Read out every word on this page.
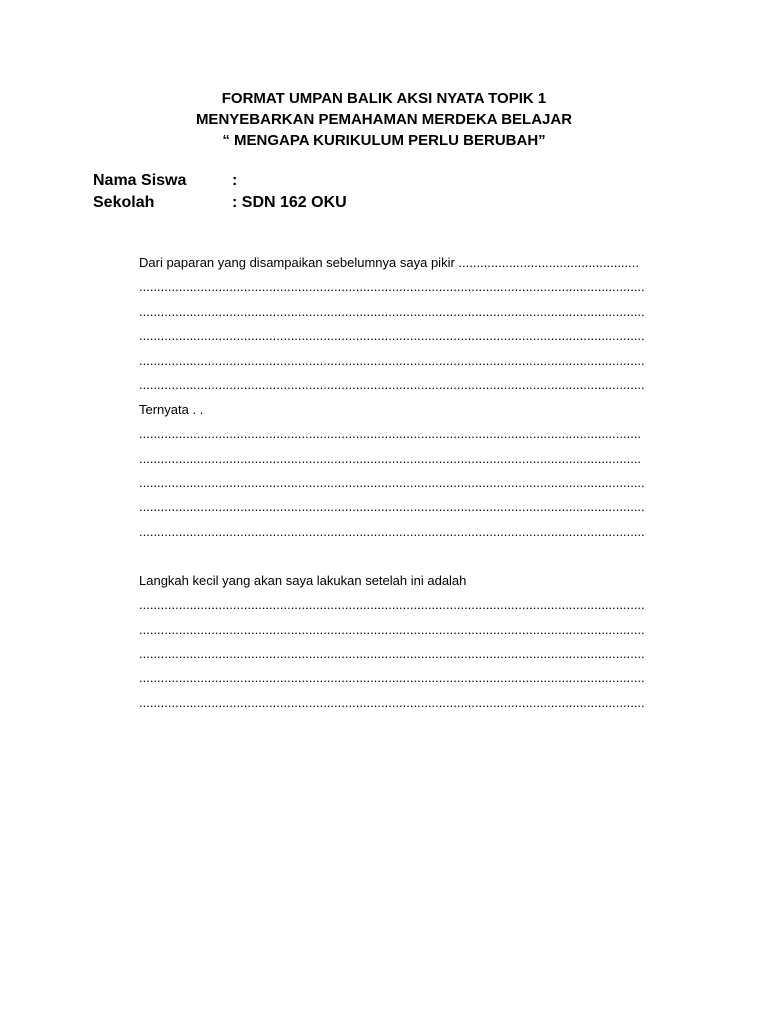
FORMAT UMPAN BALIK AKSI NYATA TOPIK 1
MENYEBARKAN PEMAHAMAN MERDEKA BELAJAR
“ MENGAPA KURIKULUM PERLU BERUBAH”
Nama Siswa	:
Sekolah	: SDN 162 OKU
Dari paparan yang disampaikan sebelumnya saya pikir ..................................................
............................................................................................................................................
............................................................................................................................................
............................................................................................................................................
............................................................................................................................................
............................................................................................................................................
Ternyata . .
...........................................................................................................................................
...........................................................................................................................................
............................................................................................................................................
............................................................................................................................................
............................................................................................................................................
Langkah kecil yang akan saya lakukan setelah ini adalah
............................................................................................................................................
............................................................................................................................................
............................................................................................................................................
............................................................................................................................................
............................................................................................................................................
